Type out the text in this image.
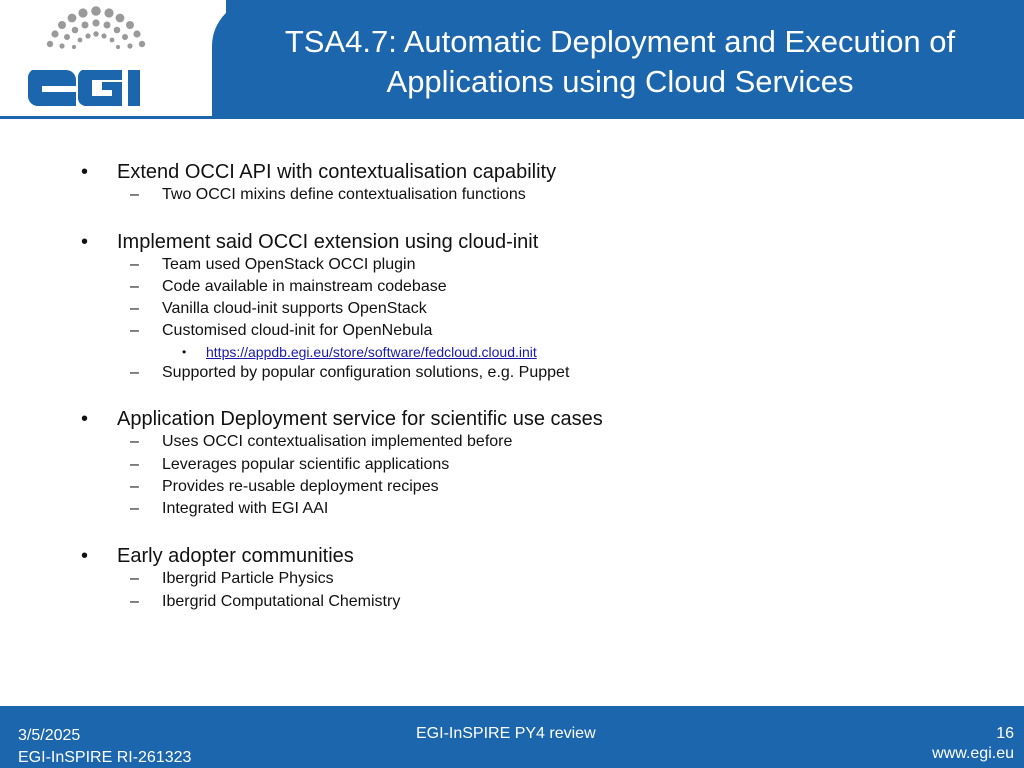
TSA4.7: Automatic Deployment and Execution of
Applications using Cloud Services
• Extend OCCI API with contextualisation capability
– Two OCCI mixins define contextualisation functions
• Implement said OCCI extension using cloud-init
– Team used OpenStack OCCI plugin
– Code available in mainstream codebase
– Vanilla cloud-init supports OpenStack
– Customised cloud-init for OpenNebula
• https://appdb.egi.eu/store/software/fedcloud.cloud.init
– Supported by popular configuration solutions, e.g. Puppet
• Application Deployment service for scientific use cases
– Uses OCCI contextualisation implemented before
– Leverages popular scientific applications
– Provides re-usable deployment recipes
– Integrated with EGI AAI
• Early adopter communities
– Ibergrid Particle Physics
– Ibergrid Computational Chemistry
3/5/2025
EGI-InSPIRE RI-261323
EGI-InSPIRE PY4 review	16
www.egi.eu
